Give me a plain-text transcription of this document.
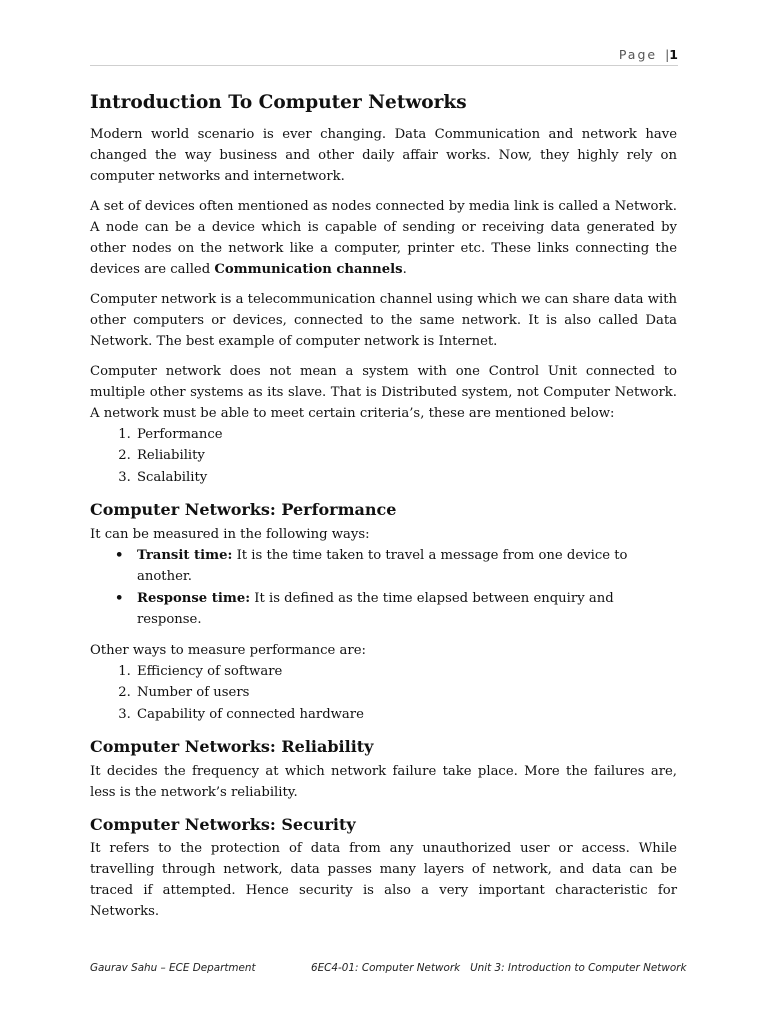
Page |1
Introduction To Computer Networks

Modern world scenario is ever changing. Data Communication and network have changed the way business and other daily affair works. Now, they highly rely on computer networks and internetwork.

A set of devices often mentioned as nodes connected by media link is called a Network. A node can be a device which is capable of sending or receiving data generated by other nodes on the network like a computer, printer etc. These links connecting the devices are called Communication channels.

Computer network is a telecommunication channel using which we can share data with other computers or devices, connected to the same network. It is also called Data Network. The best example of computer network is Internet.

Computer network does not mean a system with one Control Unit connected to multiple other systems as its slave. That is Distributed system, not Computer Network. A network must be able to meet certain criteria’s, these are mentioned below:

1. Performance
2. Reliability
3. Scalability
Computer Networks: Performance

It can be measured in the following ways:

• Transit time: It is the time taken to travel a message from one device to another.
• Response time: It is defined as the time elapsed between enquiry and response.

Other ways to measure performance are:

1. Efficiency of software
2. Number of users
3. Capability of connected hardware
Computer Networks: Reliability

It decides the frequency at which network failure take place. More the failures are, less is the network’s reliability.

Computer Networks: Security

It refers to the protection of data from any unauthorized user or access. While travelling through network, data passes many layers of network, and data can be traced if attempted. Hence security is also a very important characteristic for Networks.

Gaurav Sahu – ECE Department	6EC4-01: Computer Network   Unit 3: Introduction to Computer Network
